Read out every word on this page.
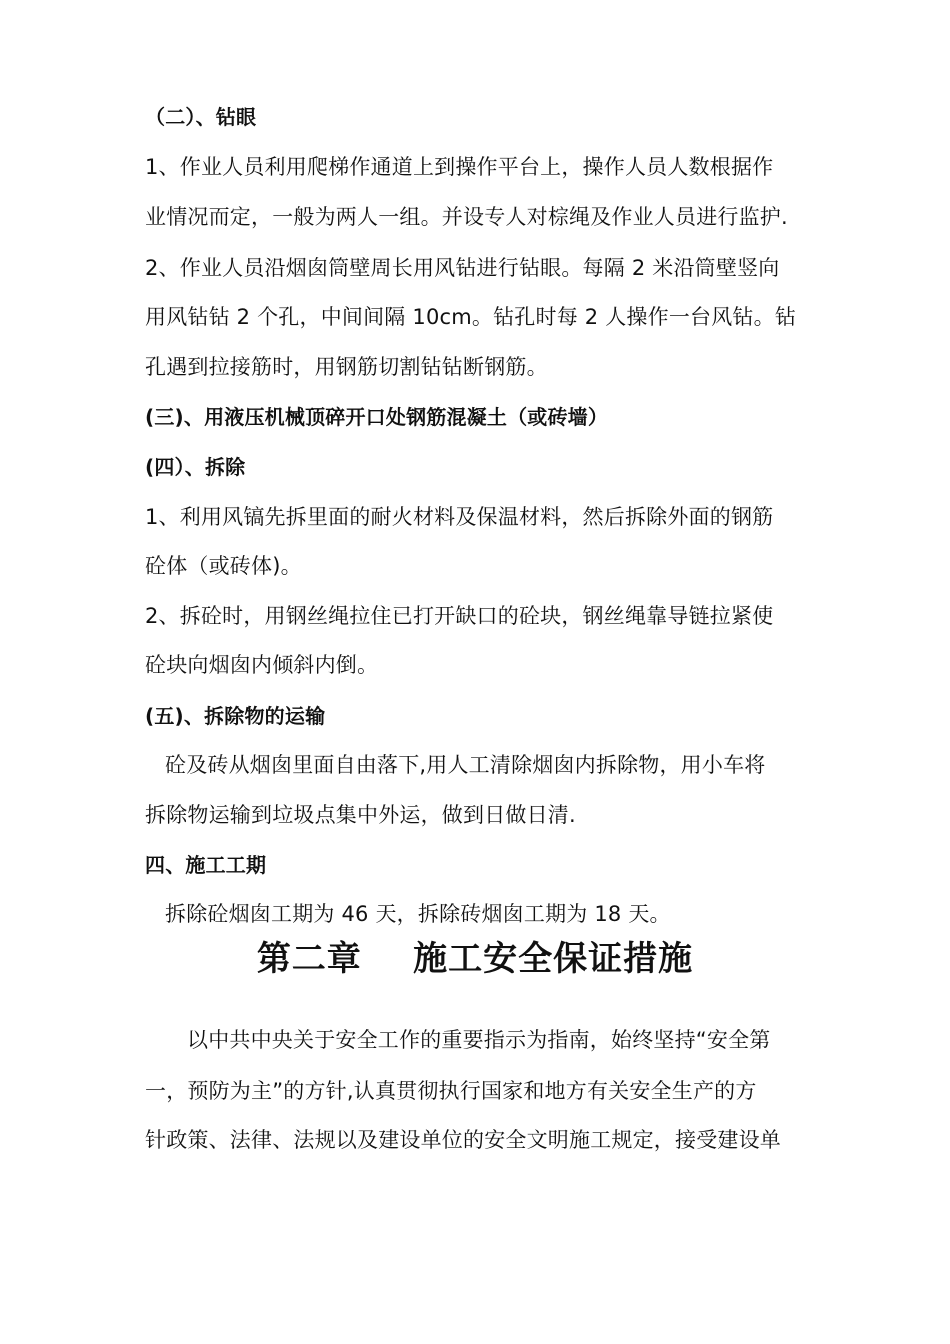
（二）、钻眼
1、作业人员利用爬梯作通道上到操作平台上，操作人员人数根据作
业情况而定，一般为两人一组。并设专人对棕绳及作业人员进行监护.
2、作业人员沿烟囱筒壁周长用风钻进行钻眼。每隔 2 米沿筒壁竖向
用风钻钻 2 个孔，中间间隔 10cm。钻孔时每 2 人操作一台风钻。钻
孔遇到拉接筋时，用钢筋切割钻钻断钢筋。
(三)、用液压机械顶碎开口处钢筋混凝土（或砖墙）
(四）、拆除
1、利用风镐先拆里面的耐火材料及保温材料，然后拆除外面的钢筋
砼体（或砖体)。
2、拆砼时，用钢丝绳拉住已打开缺口的砼块，钢丝绳靠导链拉紧使
砼块向烟囱内倾斜内倒。
(五)、拆除物的运输
砼及砖从烟囱里面自由落下,用人工清除烟囱内拆除物，用小车将
拆除物运输到垃圾点集中外运，做到日做日清.
四、施工工期
拆除砼烟囱工期为 46 天，拆除砖烟囱工期为 18 天。
第二章    施工安全保证措施
以中共中央关于安全工作的重要指示为指南，始终坚持“安全第
一，预防为主”的方针,认真贯彻执行国家和地方有关安全生产的方
针政策、法律、法规以及建设单位的安全文明施工规定，接受建设单
